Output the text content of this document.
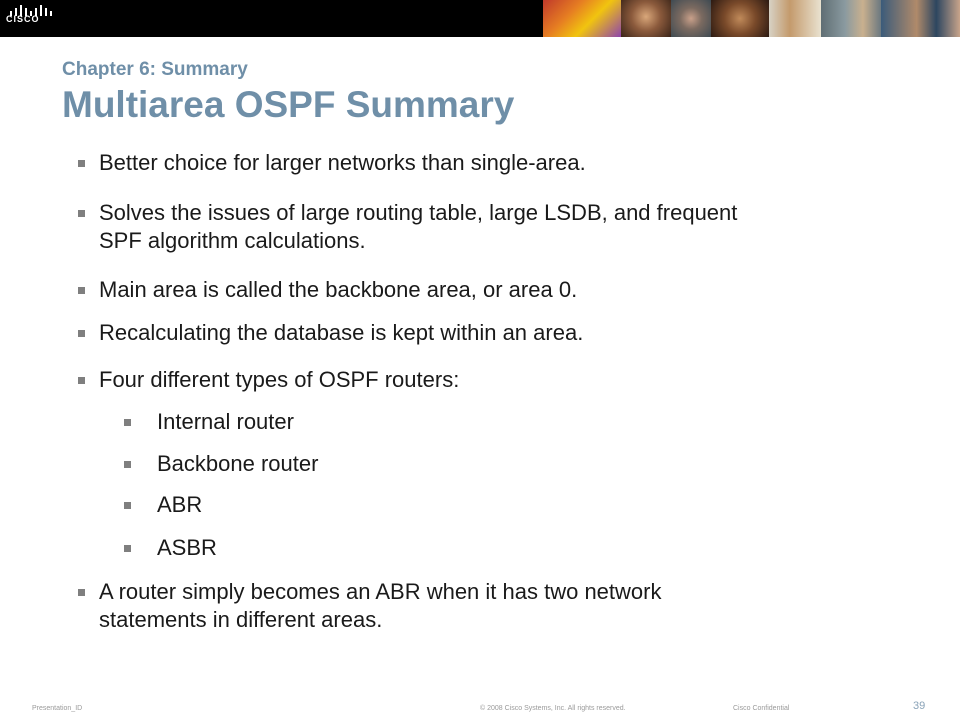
CISCO
Chapter 6: Summary
Multiarea OSPF Summary
Better choice for larger networks than single-area.
Solves the issues of large routing table, large LSDB, and frequent
SPF algorithm calculations.
Main area is called the backbone area, or area 0.
Recalculating the database is kept within an area.
Four different types of OSPF routers:
Internal router
Backbone router
ABR
ASBR
A router simply becomes an ABR when it has two network
statements in different areas.
Presentation_ID	© 2008 Cisco Systems, Inc. All rights reserved.	Cisco Confidential	39
